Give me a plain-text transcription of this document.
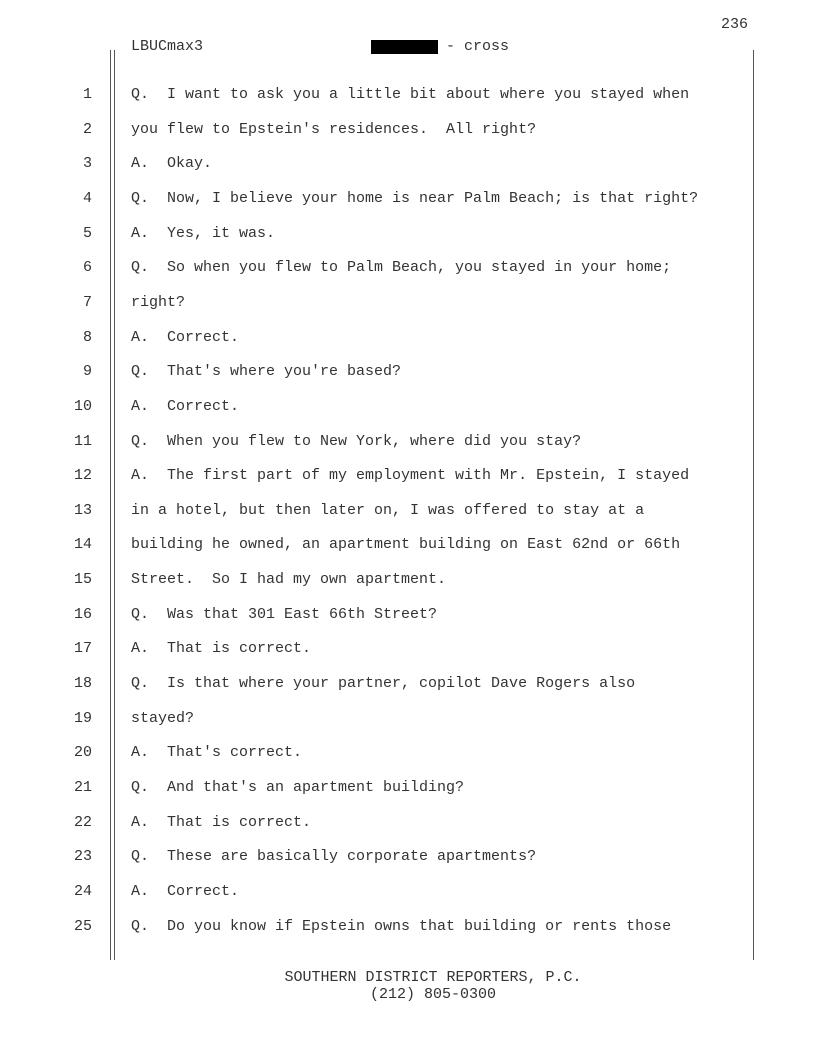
236
LBUCmax3	- cross
1	Q.  I want to ask you a little bit about where you stayed when
2	you flew to Epstein's residences.  All right?
3	A.  Okay.
4	Q.  Now, I believe your home is near Palm Beach; is that right?
5	A.  Yes, it was.
6	Q.  So when you flew to Palm Beach, you stayed in your home;
7	right?
8	A.  Correct.
9	Q.  That's where you're based?
10	A.  Correct.
11	Q.  When you flew to New York, where did you stay?
12	A.  The first part of my employment with Mr. Epstein, I stayed
13	in a hotel, but then later on, I was offered to stay at a
14	building he owned, an apartment building on East 62nd or 66th
15	Street.  So I had my own apartment.
16	Q.  Was that 301 East 66th Street?
17	A.  That is correct.
18	Q.  Is that where your partner, copilot Dave Rogers also
19	stayed?
20	A.  That's correct.
21	Q.  And that's an apartment building?
22	A.  That is correct.
23	Q.  These are basically corporate apartments?
24	A.  Correct.
25	Q.  Do you know if Epstein owns that building or rents those
SOUTHERN DISTRICT REPORTERS, P.C.
(212) 805-0300
